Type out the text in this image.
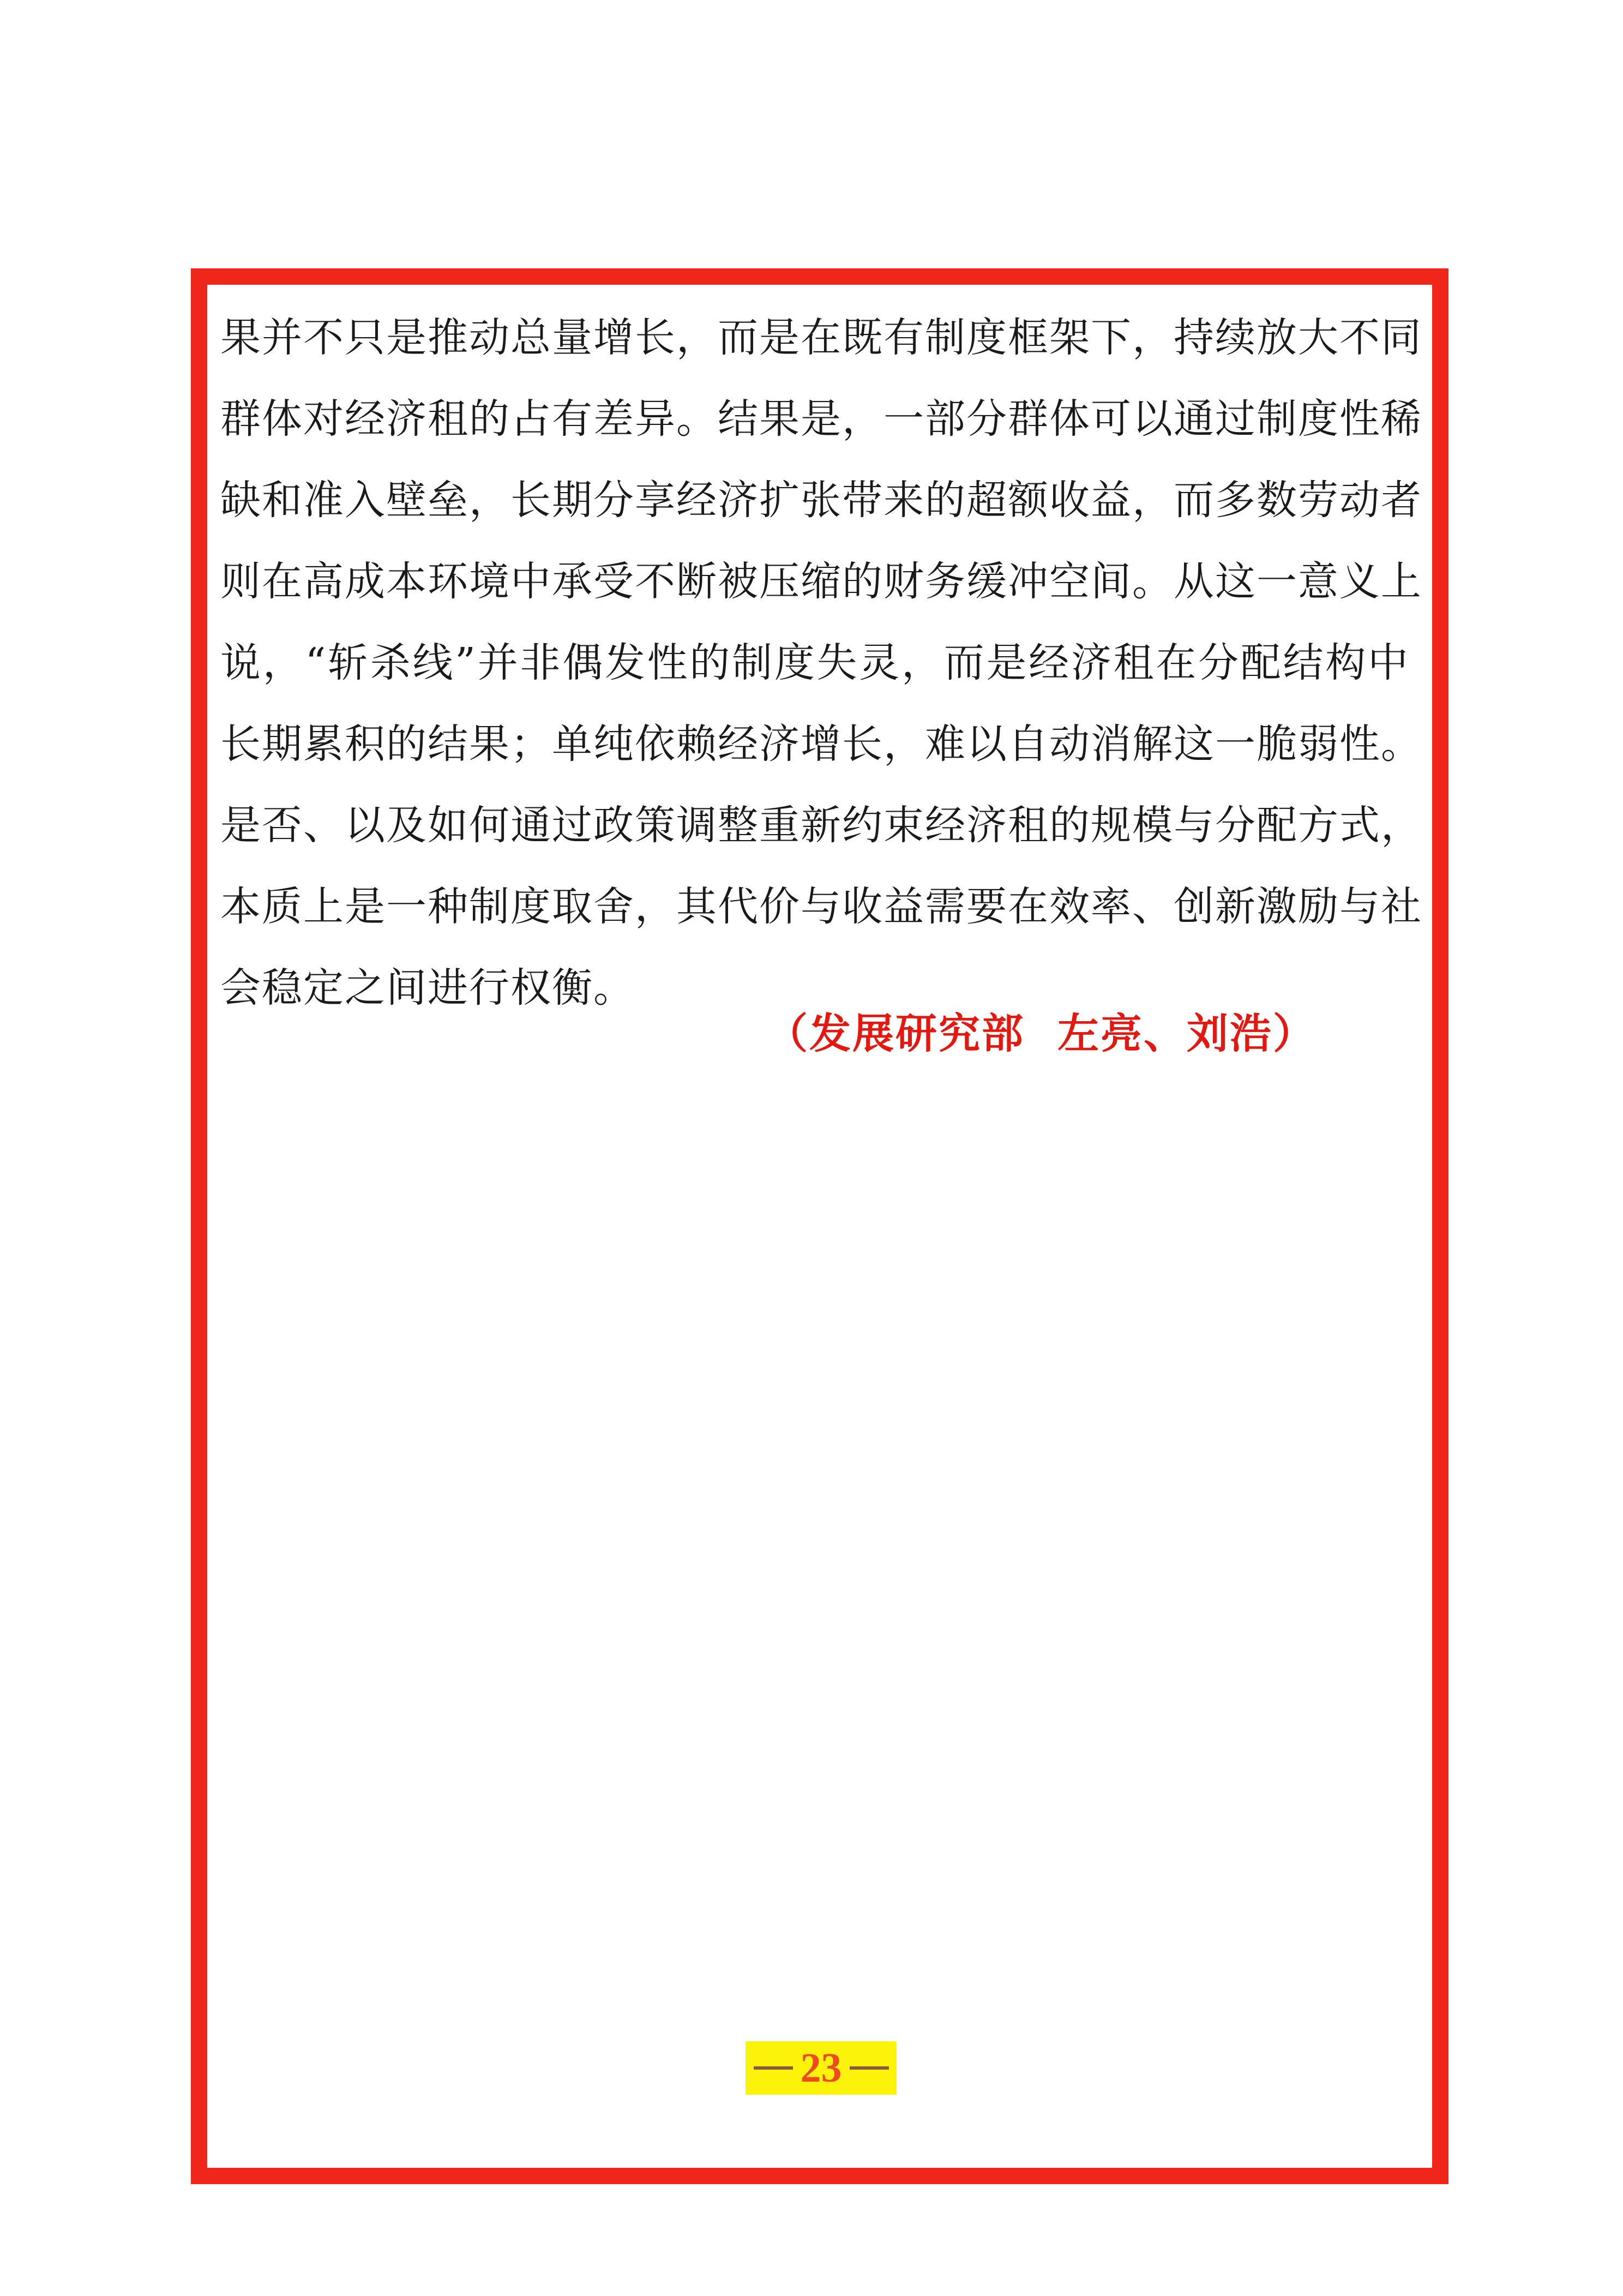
果并不只是推动总量增长，而是在既有制度框架下，持续放大不同
群体对经济租的占有差异。结果是，一部分群体可以通过制度性稀
缺和准入壁垒，长期分享经济扩张带来的超额收益，而多数劳动者
则在高成本环境中承受不断被压缩的财务缓冲空间。从这一意义上
说，“斩杀线”并非偶发性的制度失灵，而是经济租在分配结构中
长期累积的结果；单纯依赖经济增长，难以自动消解这一脆弱性。
是否、以及如何通过政策调整重新约束经济租的规模与分配方式，
本质上是一种制度取舍，其代价与收益需要在效率、创新激励与社
会稳定之间进行权衡。
（发展研究部 左亮、刘浩）
23
